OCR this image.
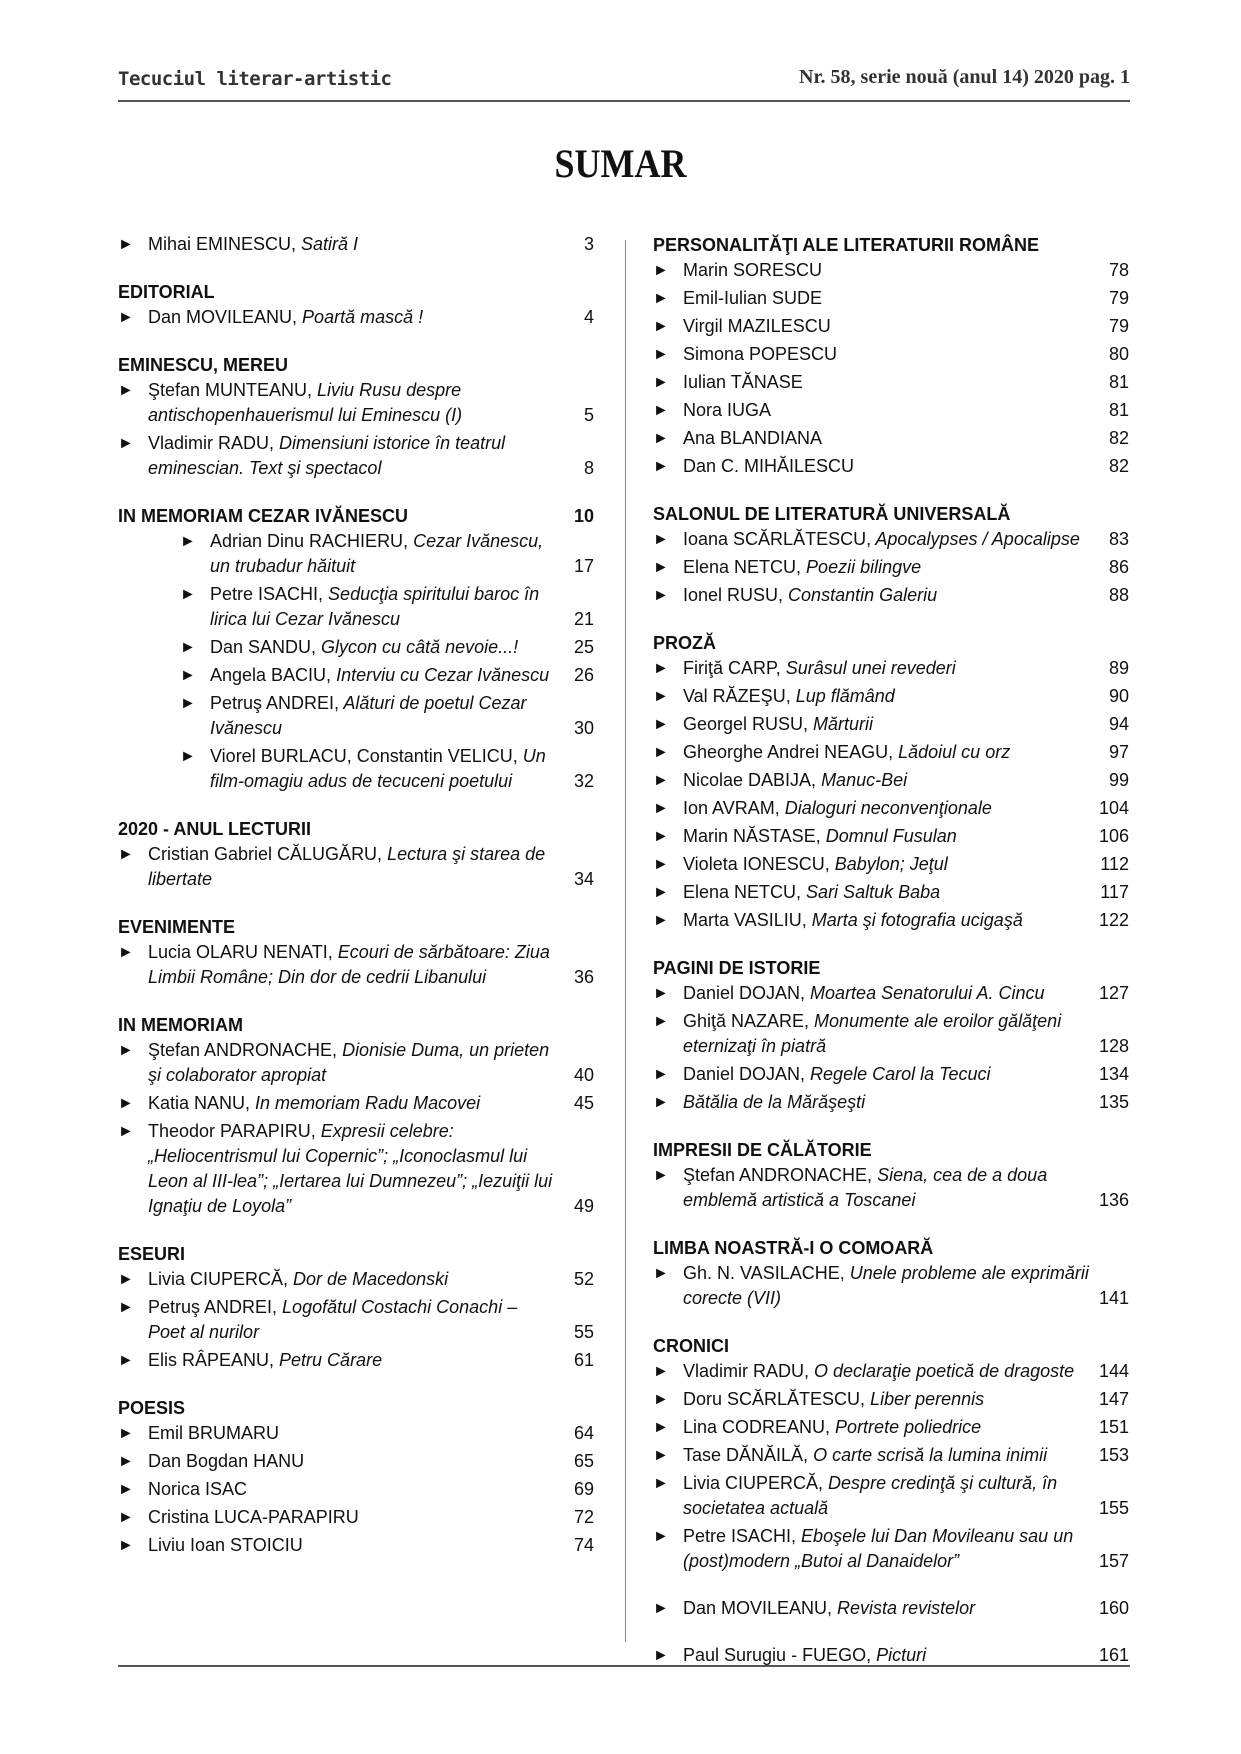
Tecuciul literar-artistic	Nr. 58, serie nouă (anul 14) 2020 pag. 1
SUMAR
► Mihai EMINESCU, Satiră I	3
EDITORIAL
► Dan MOVILEANU, Poartă mască !	4
EMINESCU, MEREU
► Ştefan MUNTEANU, Liviu Rusu despre antischopenhauerismul lui Eminescu (I)	5
► Vladimir RADU, Dimensiuni istorice în teatrul eminescian. Text şi spectacol	8
IN MEMORIAM CEZAR IVĂNESCU	10
► Adrian Dinu RACHIERU, Cezar Ivănescu, un trubadur hăituit	17
► Petre ISACHI, Seducţia spiritului baroc în lirica lui Cezar Ivănescu	21
► Dan SANDU, Glycon cu câtă nevoie...!	25
► Angela BACIU, Interviu cu Cezar Ivănescu 26
► Petruş ANDREI, Alături de poetul Cezar Ivănescu	30
► Viorel BURLACU, Constantin VELICU, Un film-omagiu adus de tecuceni poetului	32
2020 - ANUL LECTURII
► Cristian Gabriel CĂLUGĂRU, Lectura şi starea de libertate	34
EVENIMENTE
► Lucia OLARU NENATI, Ecouri de sărbătoare: Ziua Limbii Române; Din dor de cedrii Libanului	36
IN MEMORIAM
► Ştefan ANDRONACHE, Dionisie Duma, un prieten şi colaborator apropiat	40
► Katia NANU, In memoriam Radu Macovei	45
► Theodor PARAPIRU, Expresii celebre: „Heliocentrismul lui Copernic”; „Iconoclasmul lui Leon al III-lea”; „Iertarea lui Dumnezeu”; „Iezuiţii lui Ignaţiu de Loyola”	49
ESEURI
► Livia CIUPERCĂ, Dor de Macedonski	52
► Petruş ANDREI, Logofătul Costachi Conachi – Poet al nurilor	55
► Elis RÂPEANU, Petru Cărare	61
POESIS
► Emil BRUMARU	64
► Dan Bogdan HANU	65
► Norica ISAC	69
► Cristina LUCA-PARAPIRU	72
► Liviu Ioan STOICIU	74
PERSONALITĂŢI ALE LITERATURII ROMÂNE
► Marin SORESCU	78
► Emil-Iulian SUDE	79
► Virgil MAZILESCU	79
► Simona POPESCU	80
► Iulian TĂNASE	81
► Nora IUGA	81
► Ana BLANDIANA	82
► Dan C. MIHĂILESCU	82
SALONUL DE LITERATURĂ UNIVERSALĂ
► Ioana SCĂRLĂTESCU, Apocalypses / Apocalipse 83
► Elena NETCU, Poezii bilingve	86
► Ionel RUSU, Constantin Galeriu	88
PROZĂ
► Firiţă CARP, Surâsul unei revederi	89
► Val RĂZEŞU, Lup flămând	90
► Georgel RUSU, Mărturii	94
► Gheorghe Andrei NEAGU, Lădoiul cu orz	97
► Nicolae DABIJA, Manuc-Bei	99
► Ion AVRAM, Dialoguri neconvenţionale	104
► Marin NĂSTASE, Domnul Fusulan	106
► Violeta IONESCU, Babylon; Jeţul	112
► Elena NETCU, Sari Saltuk Baba	117
► Marta VASILIU, Marta şi fotografia ucigaşă	122
PAGINI DE ISTORIE
► Daniel DOJAN, Moartea Senatorului A. Cincu	127
► Ghiţă NAZARE, Monumente ale eroilor gălăţeni eternizaţi în piatră	128
► Daniel DOJAN, Regele Carol la Tecuci	134
► Bătălia de la Mărăşeşti	135
IMPRESII DE CĂLĂTORIE
► Ştefan ANDRONACHE, Siena, cea de a doua emblemă artistică a Toscanei	136
LIMBA NOASTRĂ-I O COMOARĂ
► Gh. N. VASILACHE, Unele probleme ale exprimării corecte (VII)	141
CRONICI
► Vladimir RADU, O declaraţie poetică de dragoste 144
► Doru SCĂRLĂTESCU, Liber perennis	147
► Lina CODREANU, Portrete poliedrice	151
► Tase DĂNĂILĂ, O carte scrisă la lumina inimii	153
► Livia CIUPERCĂ, Despre credinţă şi cultură, în societatea actuală	155
► Petre ISACHI, Eboşele lui Dan Movileanu sau un (post)modern „Butoi al Danaidelor”	157
► Dan MOVILEANU, Revista revistelor	160
► Paul Surugiu - FUEGO, Picturi	161
